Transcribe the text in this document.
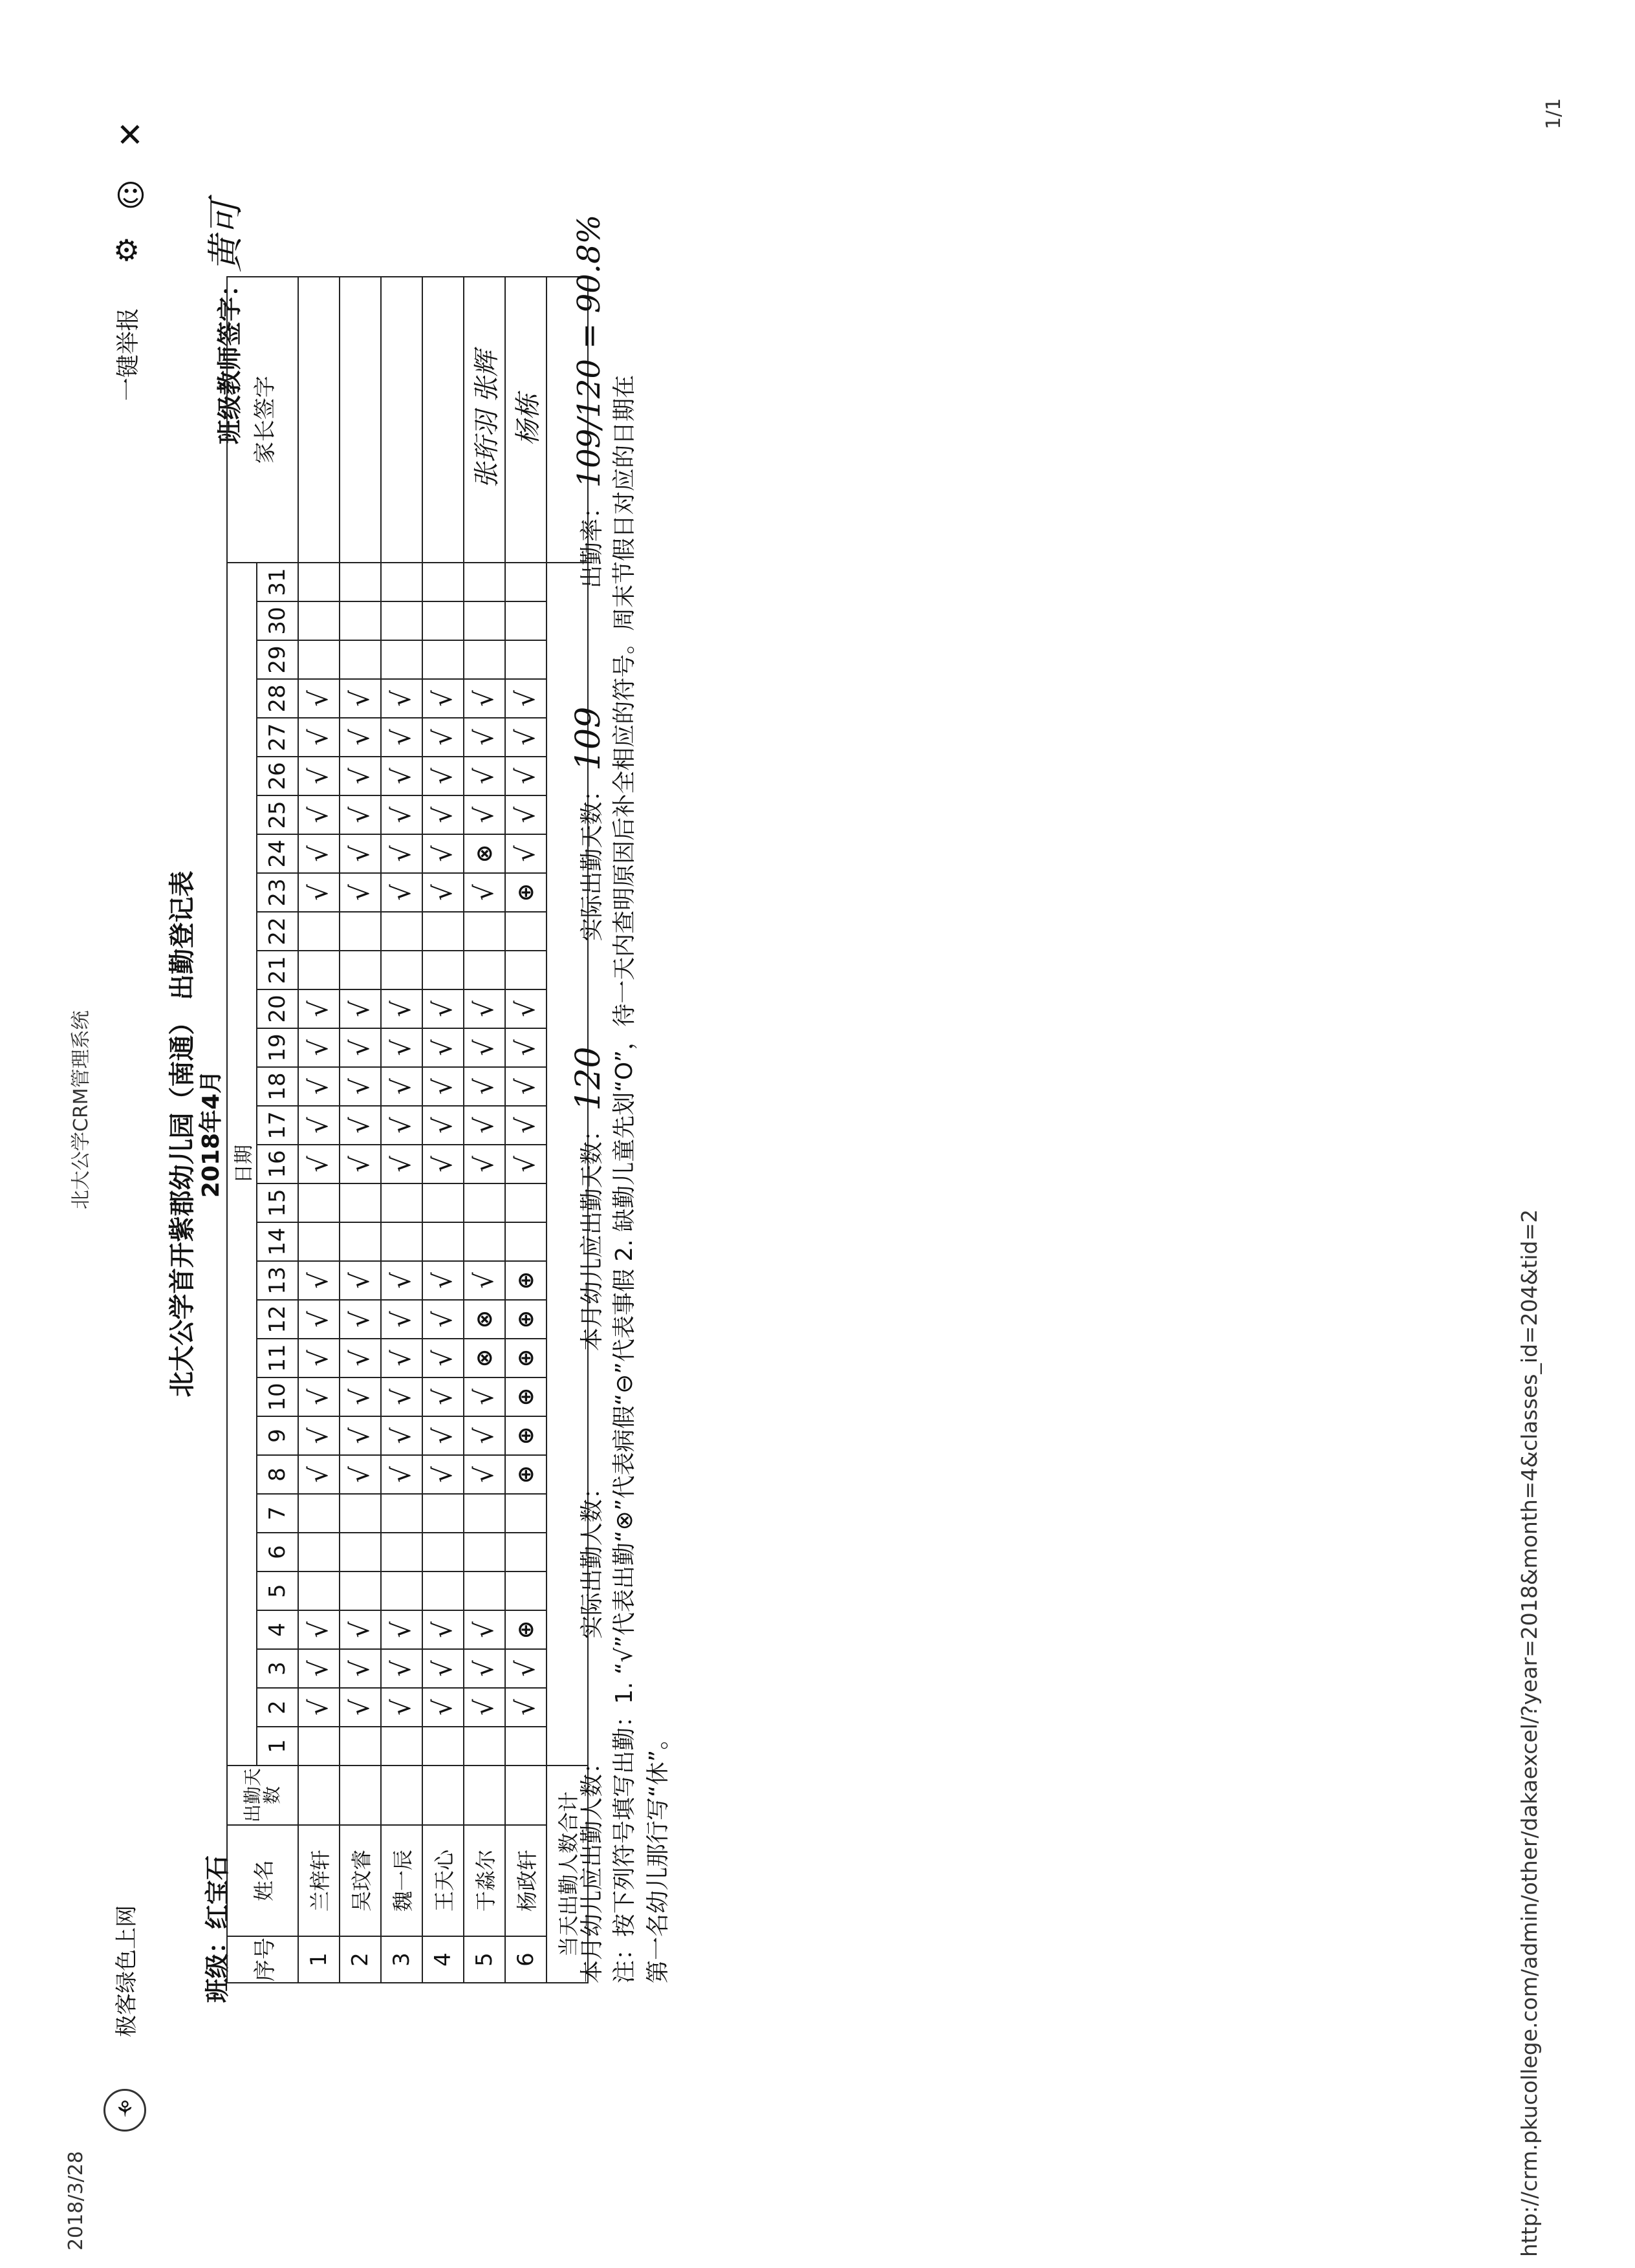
2018/3/28
北大公学CRM管理系统
1/1
http://crm.pkucollege.com/admin/other/dakaexcel/?year=2018&month=4&classes_id=204&tid=2
⚘
极客绿色上网
一键举报
⚙
☺
✕
北大公学首开紫郡幼儿园（南通） 出勤登记表 2018年4月
班级：红宝石
班级教师签字：黄可
序号	姓名	出勤天数	日期																															家长签字
			1	2	3	4	5	6	7	8	9	10	11	12	13	14	15	16	17	18	19	20	21	22	23	24	25	26	27	28	29	30	31	
1	兰梓轩			√	√	√				√	√	√	√	√	√			√	√	√	√	√			√	√	√	√	√	√				
2	吴玟睿			√	√	√				√	√	√	√	√	√			√	√	√	√	√			√	√	√	√	√	√				
3	魏一辰			√	√	√				√	√	√	√	√	√			√	√	√	√	√			√	√	√	√	√	√				
4	王天心			√	√	√				√	√	√	√	√	√			√	√	√	√	√			√	√	√	√	√	√				
5	于淼尔			√	√	√				√	√	√	⊗	⊗	√			√	√	√	√	√			√	⊗	√	√	√	√				张珩羽 张辉
6	杨政轩			√	√	⊕				⊕	⊕	⊕	⊕	⊕	⊕			√	√	√	√	√			⊕	√	√	√	√	√				杨栋
当天出勤人数合计																																		
本月幼儿应出勤人数：  实际出勤人数：  本月幼儿应出勤天数： 120  实际出勤天数： 109  出勤率： 109/120 = 90.8%
注：按下列符号填写出勤：1. “√”代表出勤“⊗”代表病假“⊖”代表事假 2. 缺勤儿童先划“O”，待一天内查明原因后补全相应的符号。周末节假日对应的日期在第一名幼儿那行写“休”。
